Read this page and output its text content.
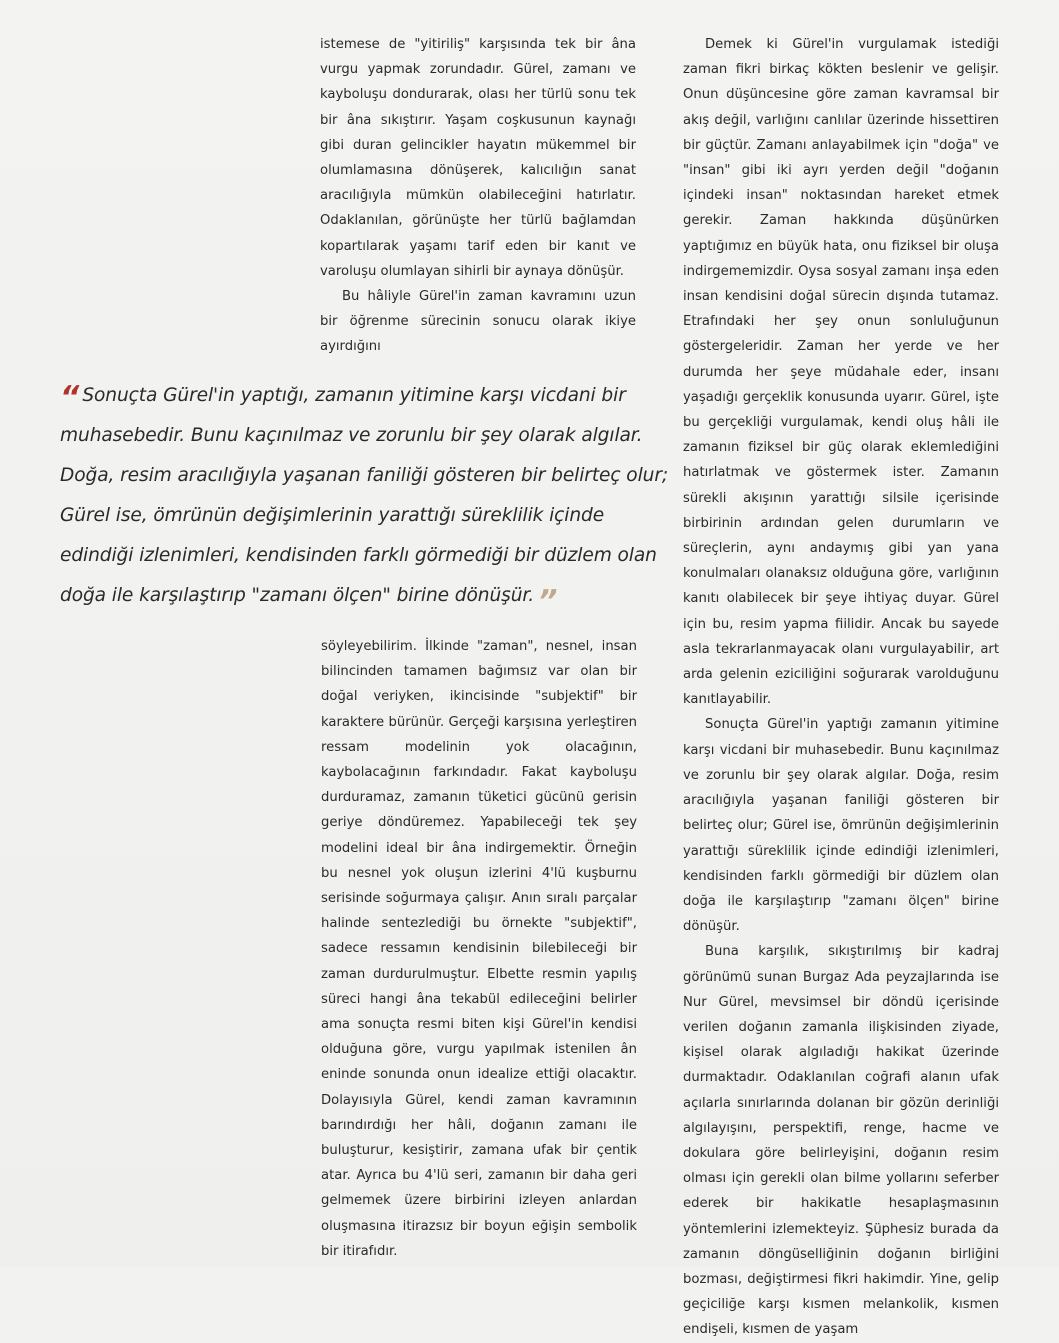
istemese de "yitiriliş" karşısında tek bir âna vurgu yapmak zorundadır. Gürel, zamanı ve kayboluşu dondurarak, olası her türlü sonu tek bir âna sıkıştırır. Yaşam coşkusunun kaynağı gibi duran gelincikler hayatın mükemmel bir olumlamasına dönüşerek, kalıcılığın sanat aracılığıyla mümkün olabileceğini hatırlatır. Odaklanılan, görünüşte her türlü bağlamdan kopartılarak yaşamı tarif eden bir kanıt ve varoluşu olumlayan sihirli bir aynaya dönüşür.

Bu hâliyle Gürel'in zaman kavramını uzun bir öğrenme sürecinin sonucu olarak ikiye ayırdığını

“ Sonuçta Gürel'in yaptığı, zamanın yitimine karşı vicdani bir
muhasebedir. Bunu kaçınılmaz ve zorunlu bir şey olarak algılar.
Doğa, resim aracılığıyla yaşanan faniliği gösteren bir belirteç olur;
Gürel ise, ömrünün değişimlerinin yarattığı süreklilik içinde
edindiği izlenimleri, kendisinden farklı görmediği bir düzlem olan
doğa ile karşılaştırıp "zamanı ölçen" birine dönüşür. ”

söyleyebilirim. İlkinde "zaman", nesnel, insan bilincinden tamamen bağımsız var olan bir doğal veriyken, ikincisinde "subjektif" bir karaktere bürünür. Gerçeği karşısına yerleştiren ressam modelinin yok olacağının, kaybolacağının farkındadır. Fakat kayboluşu durduramaz, zamanın tüketici gücünü gerisin geriye döndüremez. Yapabileceği tek şey modelini ideal bir âna indirgemektir. Örneğin bu nesnel yok oluşun izlerini 4'lü kuşburnu serisinde soğurmaya çalışır. Anın sıralı parçalar halinde sentezlediği bu örnekte "subjektif", sadece ressamın kendisinin bilebileceği bir zaman durdurulmuştur. Elbette resmin yapılış süreci hangi âna tekabül edileceğini belirler ama sonuçta resmi biten kişi Gürel'in kendisi olduğuna göre, vurgu yapılmak istenilen ân eninde sonunda onun idealize ettiği olacaktır. Dolayısıyla Gürel, kendi zaman kavramının barındırdığı her hâli, doğanın zamanı ile buluşturur, kesiştirir, zamana ufak bir çentik atar. Ayrıca bu 4'lü seri, zamanın bir daha geri gelmemek üzere birbirini izleyen anlardan oluşmasına itirazsız bir boyun eğişin sembolik bir itirafıdır.

Demek ki Gürel'in vurgulamak istediği zaman fikri birkaç kökten beslenir ve gelişir. Onun düşüncesine göre zaman kavramsal bir akış değil, varlığını canlılar üzerinde hissettiren bir güçtür. Zamanı anlayabilmek için "doğa" ve "insan" gibi iki ayrı yerden değil "doğanın içindeki insan" noktasından hareket etmek gerekir. Zaman hakkında düşünürken yaptığımız en büyük hata, onu fiziksel bir oluşa indirgememizdir. Oysa sosyal zamanı inşa eden insan kendisini doğal sürecin dışında tutamaz. Etrafındaki her şey onun sonluluğunun göstergeleridir. Zaman her yerde ve her durumda her şeye müdahale eder, insanı yaşadığı gerçeklik konusunda uyarır. Gürel, işte bu gerçekliği vurgulamak, kendi oluş hâli ile zamanın fiziksel bir güç olarak eklemlediğini hatırlatmak ve göstermek ister. Zamanın sürekli akışının yarattığı silsile içerisinde birbirinin ardından gelen durumların ve süreçlerin, aynı andaymış gibi yan yana konulmaları olanaksız olduğuna göre, varlığının kanıtı olabilecek bir şeye ihtiyaç duyar. Gürel için bu, resim yapma fiilidir. Ancak bu sayede asla tekrarlanmayacak olanı vurgulayabilir, art arda gelenin eziciliğini soğurarak varolduğunu kanıtlayabilir.

Sonuçta Gürel'in yaptığı zamanın yitimine karşı vicdani bir muhasebedir. Bunu kaçınılmaz ve zorunlu bir şey olarak algılar. Doğa, resim aracılığıyla yaşanan faniliği gösteren bir belirteç olur; Gürel ise, ömrünün değişimlerinin yarattığı süreklilik içinde edindiği izlenimleri, kendisinden farklı görmediği bir düzlem olan doğa ile karşılaştırıp "zamanı ölçen" birine dönüşür.

Buna karşılık, sıkıştırılmış bir kadraj görünümü sunan Burgaz Ada peyzajlarında ise Nur Gürel, mevsimsel bir döndü içerisinde verilen doğanın zamanla ilişkisinden ziyade, kişisel olarak algıladığı hakikat üzerinde durmaktadır. Odaklanılan coğrafi alanın ufak açılarla sınırlarında dolanan bir gözün derinliği algılayışını, perspektifi, renge, hacme ve dokulara göre belirleyişini, doğanın resim olması için gerekli olan bilme yollarını seferber ederek bir hakikatle hesaplaşmasının yöntemlerini izlemekteyiz. Şüphesiz burada da zamanın döngüselliğinin doğanın birliğini bozması, değiştirmesi fikri hakimdir. Yine, gelip geçiciliğe karşı kısmen melankolik, kısmen endişeli, kısmen de yaşam
